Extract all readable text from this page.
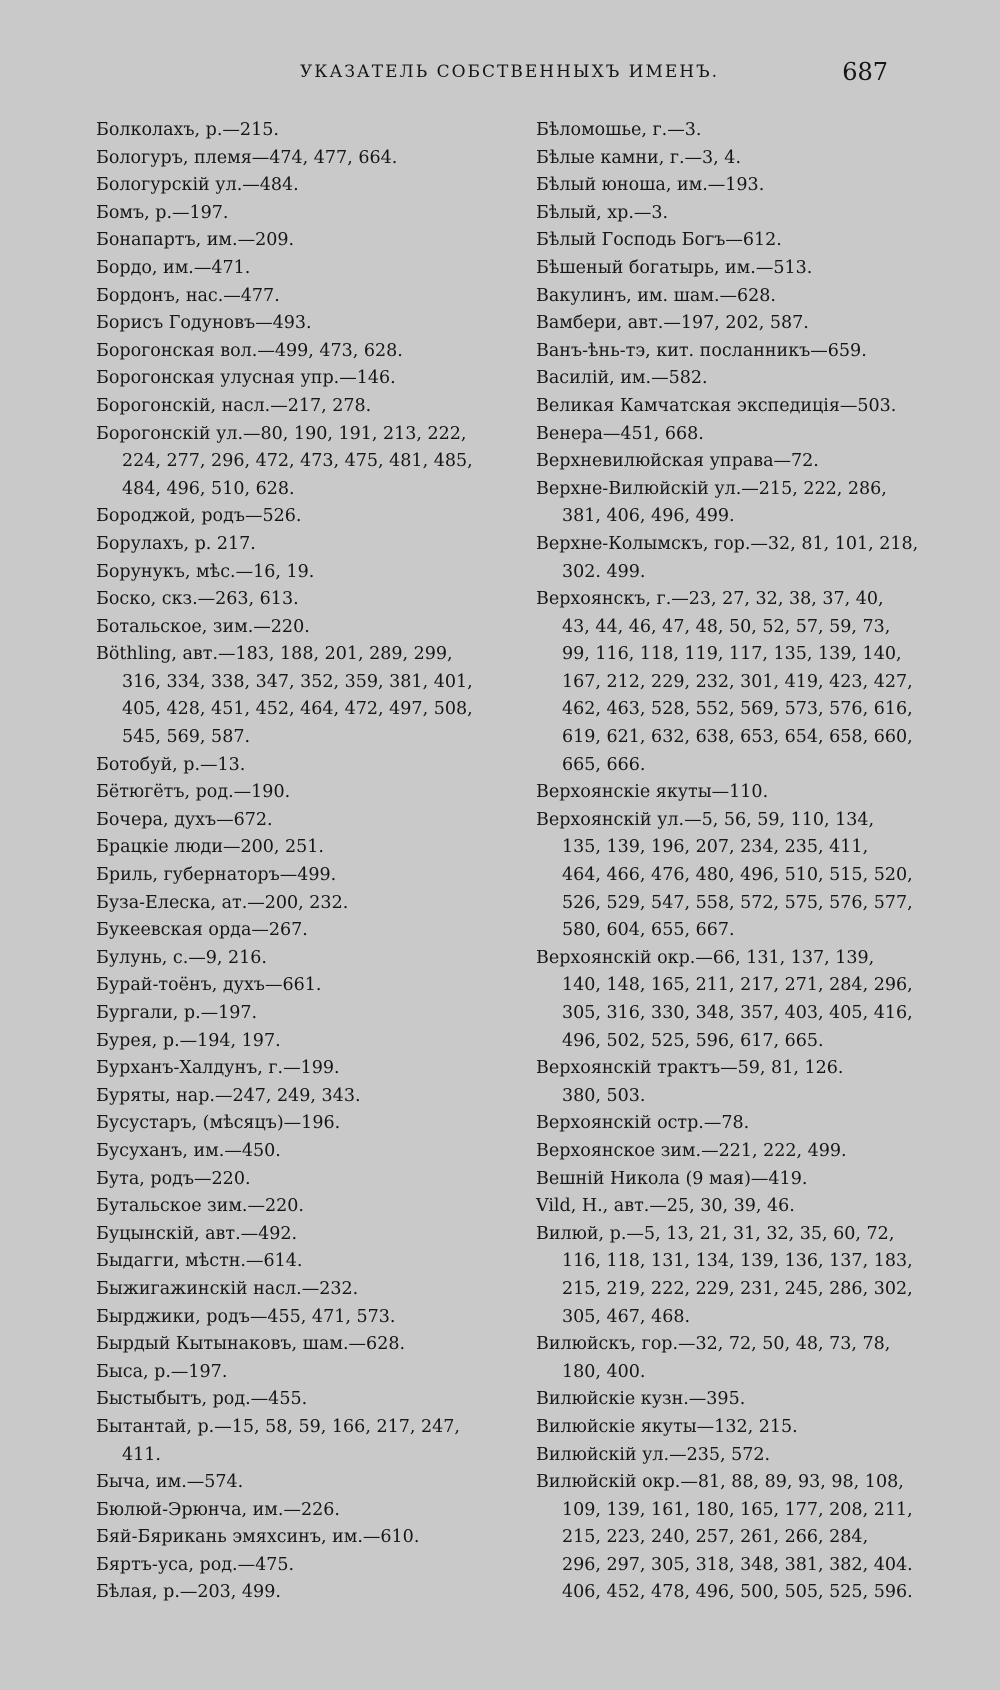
УКАЗАТЕЛЬ СОБСТВЕННЫХЪ ИМЕНЪ.	687
Болколахъ, р.—215.
Бологуръ, племя—474, 477, 664.
Бологурскій ул.—484.
Бомъ, р.—197.
Бонапартъ, им.—209.
Бордо, им.—471.
Бордонъ, нас.—477.
Борисъ Годуновъ—493.
Борогонская вол.—499, 473, 628.
Борогонская улусная упр.—146.
Борогонскій, насл.—217, 278.
Борогонскій ул.—80, 190, 191, 213, 222,
224, 277, 296, 472, 473, 475, 481, 485,
484, 496, 510, 628.
Бороджой, родъ—526.
Борулахъ, р. 217.
Борунукъ, мѣс.—16, 19.
Боско, скз.—263, 613.
Ботальское, зим.—220.
Böthling, авт.—183, 188, 201, 289, 299,
316, 334, 338, 347, 352, 359, 381, 401,
405, 428, 451, 452, 464, 472, 497, 508,
545, 569, 587.
Ботобуй, р.—13.
Бётюгётъ, род.—190.
Бочера, духъ—672.
Брацкіе люди—200, 251.
Бриль, губернаторъ—499.
Буза-Елеска, ат.—200, 232.
Букеевская орда—267.
Булунь, с.—9, 216.
Бурай-тоёнъ, духъ—661.
Бургали, р.—197.
Бурея, р.—194, 197.
Бурханъ-Халдунъ, г.—199.
Буряты, нар.—247, 249, 343.
Бусустаръ, (мѣсяцъ)—196.
Бусуханъ, им.—450.
Бута, родъ—220.
Бутальское зим.—220.
Буцынскій, авт.—492.
Быдагги, мѣстн.—614.
Быжигажинскій насл.—232.
Бырджики, родъ—455, 471, 573.
Бырдый Кытынаковъ, шам.—628.
Быса, р.—197.
Быстыбытъ, род.—455.
Бытантай, р.—15, 58, 59, 166, 217, 247,
411.
Быча, им.—574.
Бюлюй-Эрюнча, им.—226.
Бяй-Бярикань эмяхсинъ, им.—610.
Бяртъ-уса, род.—475.
Бѣлая, р.—203, 499.
Бѣломошье, г.—3.
Бѣлые камни, г.—3, 4.
Бѣлый юноша, им.—193.
Бѣлый, хр.—3.
Бѣлый Господь Богъ—612.
Бѣшеный богатырь, им.—513.
Вакулинъ, им. шам.—628.
Вамбери, авт.—197, 202, 587.
Ванъ-ѣнь-тэ, кит. посланникъ—659.
Василій, им.—582.
Великая Камчатская экспедиція—503.
Венера—451, 668.
Верхневилюйская управа—72.
Верхне-Вилюйскій ул.—215, 222, 286,
381, 406, 496, 499.
Верхне-Колымскъ, гор.—32, 81, 101, 218,
302. 499.
Верхоянскъ, г.—23, 27, 32, 38, 37, 40,
43, 44, 46, 47, 48, 50, 52, 57, 59, 73,
99, 116, 118, 119, 117, 135, 139, 140,
167, 212, 229, 232, 301, 419, 423, 427,
462, 463, 528, 552, 569, 573, 576, 616,
619, 621, 632, 638, 653, 654, 658, 660,
665, 666.
Верхоянскіе якуты—110.
Верхоянскій ул.—5, 56, 59, 110, 134,
135, 139, 196, 207, 234, 235, 411,
464, 466, 476, 480, 496, 510, 515, 520,
526, 529, 547, 558, 572, 575, 576, 577,
580, 604, 655, 667.
Верхоянскій окр.—66, 131, 137, 139,
140, 148, 165, 211, 217, 271, 284, 296,
305, 316, 330, 348, 357, 403, 405, 416,
496, 502, 525, 596, 617, 665.
Верхоянскій трактъ—59, 81, 126.
380, 503.
Верхоянскій остр.—78.
Верхоянское зим.—221, 222, 499.
Вешній Никола (9 мая)—419.
Vild, H., авт.—25, 30, 39, 46.
Вилюй, р.—5, 13, 21, 31, 32, 35, 60, 72,
116, 118, 131, 134, 139, 136, 137, 183,
215, 219, 222, 229, 231, 245, 286, 302,
305, 467, 468.
Вилюйскъ, гор.—32, 72, 50, 48, 73, 78,
180, 400.
Вилюйскіе кузн.—395.
Вилюйскіе якуты—132, 215.
Вилюйскій ул.—235, 572.
Вилюйскій окр.—81, 88, 89, 93, 98, 108,
109, 139, 161, 180, 165, 177, 208, 211,
215, 223, 240, 257, 261, 266, 284,
296, 297, 305, 318, 348, 381, 382, 404.
406, 452, 478, 496, 500, 505, 525, 596.
